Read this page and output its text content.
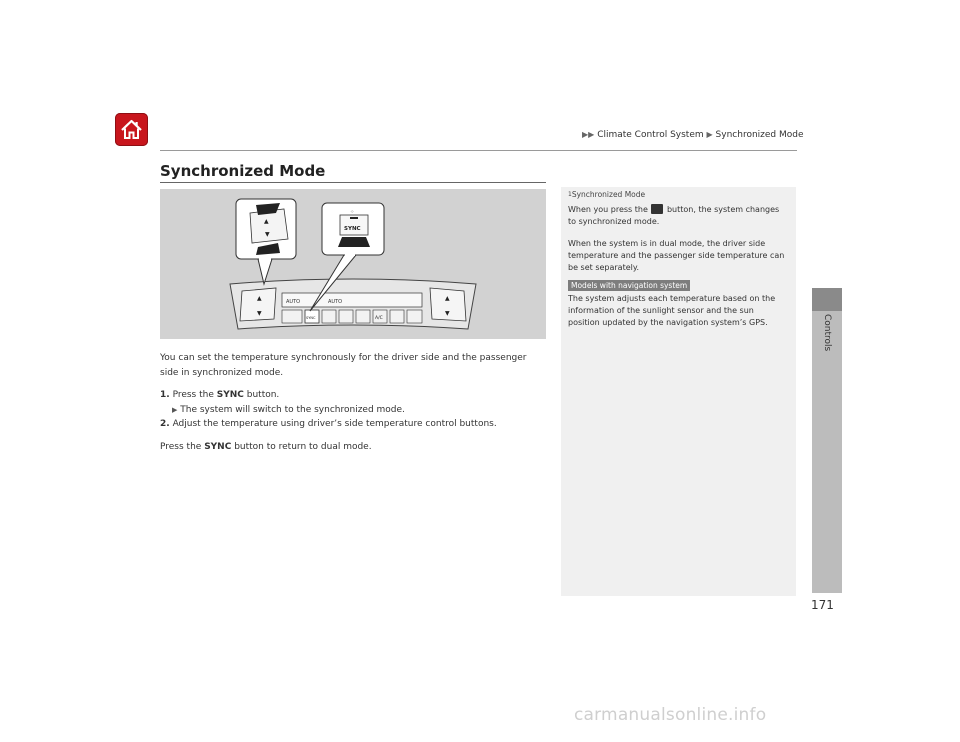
▶▶ Climate Control System ▶ Synchronized Mode
Controls
Synchronized Mode
▲
▼
▲
▼
AUTO	AUTO
SYNC	A/C
▲
▼
SYNC
⁘

You can set the temperature synchronously for the driver side and the passenger

side in synchronized mode.

1. Press the SYNC button.

▶ The system will switch to the synchronized mode.

2. Adjust the temperature using driver’s side temperature control buttons.

Press the SYNC button to return to dual mode.

1Synchronized Mode

When you press the  button, the system changes

to synchronized mode.

When the system is in dual mode, the driver side

temperature and the passenger side temperature can

be set separately.

Models with navigation system

The system adjusts each temperature based on the

information of the sunlight sensor and the sun

position updated by the navigation system’s GPS.

171
carmanualsonline.info
